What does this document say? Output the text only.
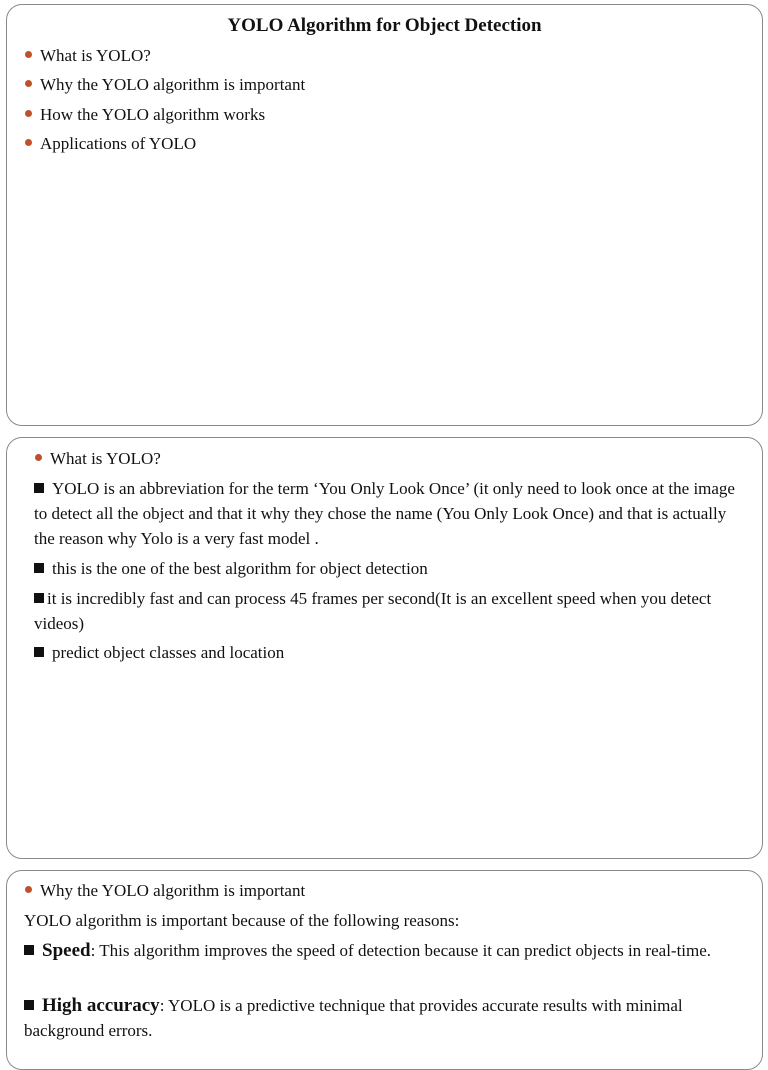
YOLO Algorithm for Object Detection
What is YOLO?
Why the YOLO algorithm is important
How the YOLO algorithm works
Applications of YOLO
What is YOLO?
YOLO is an abbreviation for the term ‘You Only Look Once’ (it only need to look once at the image to detect all the object and that it why they chose the name (You Only Look Once) and that is actually the reason why Yolo is a very fast model .
this is the one of the best algorithm for object detection
it is incredibly fast and can process 45 frames per second(It is an excellent speed when you detect videos)
predict object classes and location
Why the YOLO algorithm is important
YOLO algorithm is important because of the following reasons:
Speed: This algorithm improves the speed of detection because it can predict objects in real-time.
High accuracy: YOLO is a predictive technique that provides accurate results with minimal background errors.
